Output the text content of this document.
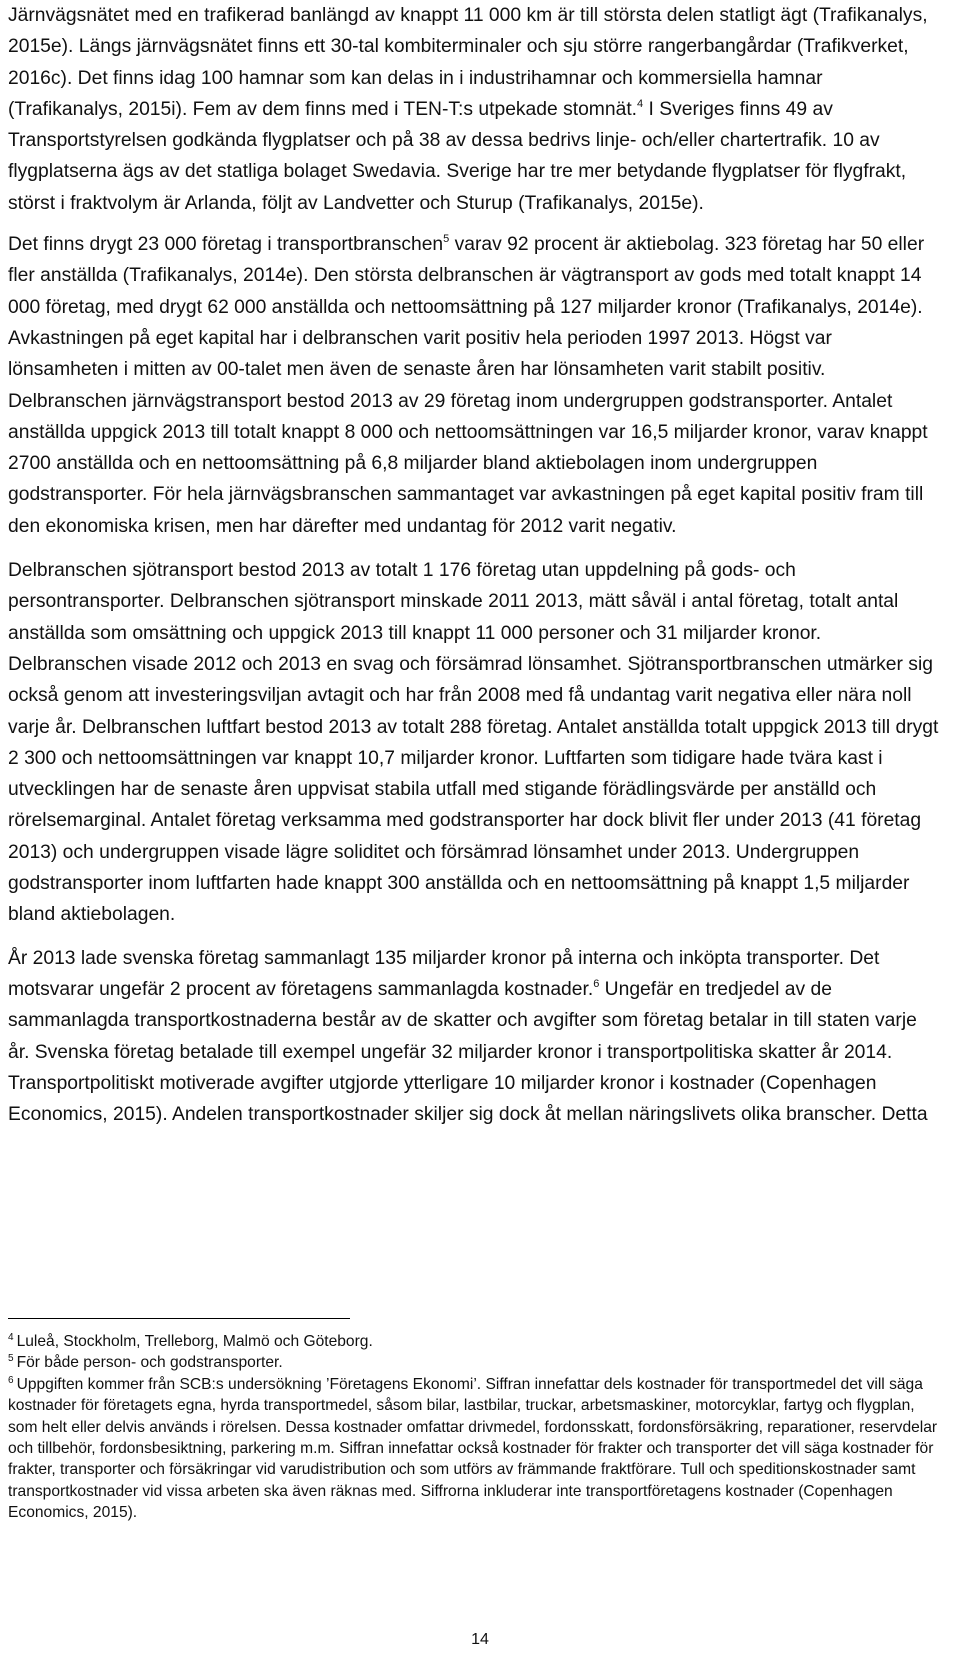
Järnvägsnätet med en trafikerad banlängd av knappt 11 000 km är till största delen statligt ägt (Trafikanalys, 2015e). Längs järnvägsnätet finns ett 30-tal kombiterminaler och sju större rangerbangårdar (Trafikverket, 2016c). Det finns idag 100 hamnar som kan delas in i industrihamnar och kommersiella hamnar (Trafikanalys, 2015i). Fem av dem finns med i TEN-T:s utpekade stomnät.$^4$ I Sveriges finns 49 av Transportstyrelsen godkända flygplatser och på 38 av dessa bedrivs linje- och/eller chartertrafik. 10 av flygplatserna ägs av det statliga bolaget Swedavia. Sverige har tre mer betydande flygplatser för flygfrakt, störst i fraktvolym är Arlanda, följt av Landvetter och Sturup (Trafikanalys, 2015e).

Det finns drygt 23 000 företag i transportbranschen$^5$ varav 92 procent är aktiebolag. 323 företag har 50 eller fler anställda (Trafikanalys, 2014e). Den största delbranschen är vägtransport av gods med totalt knappt 14 000 företag, med drygt 62 000 anställda och nettoomsättning på 127 miljarder kronor (Trafikanalys, 2014e). Avkastningen på eget kapital har i delbranschen varit positiv hela perioden 1997 2013. Högst var lönsamheten i mitten av 00-talet men även de senaste åren har lönsamheten varit stabilt positiv. Delbranschen järnvägstransport bestod 2013 av 29 företag inom undergruppen godstransporter. Antalet anställda uppgick 2013 till totalt knappt 8 000 och nettoomsättningen var 16,5 miljarder kronor, varav knappt 2700 anställda och en nettoomsättning på 6,8 miljarder bland aktiebolagen inom undergruppen godstransporter. För hela järnvägsbranschen sammantaget var avkastningen på eget kapital positiv fram till den ekonomiska krisen, men har därefter med undantag för 2012 varit negativ.

Delbranschen sjötransport bestod 2013 av totalt 1 176 företag utan uppdelning på gods- och persontransporter. Delbranschen sjötransport minskade 2011 2013, mätt såväl i antal företag, totalt antal anställda som omsättning och uppgick 2013 till knappt 11 000 personer och 31 miljarder kronor. Delbranschen visade 2012 och 2013 en svag och försämrad lönsamhet. Sjötransportbranschen utmärker sig också genom att investeringsviljan avtagit och har från 2008 med få undantag varit negativa eller nära noll varje år. Delbranschen luftfart bestod 2013 av totalt 288 företag. Antalet anställda totalt uppgick 2013 till drygt 2 300 och nettoomsättningen var knappt 10,7 miljarder kronor. Luftfarten som tidigare hade tvära kast i utvecklingen har de senaste åren uppvisat stabila utfall med stigande förädlingsvärde per anställd och rörelsemarginal. Antalet företag verksamma med godstransporter har dock blivit fler under 2013 (41 företag 2013) och undergruppen visade lägre soliditet och försämrad lönsamhet under 2013. Undergruppen godstransporter inom luftfarten hade knappt 300 anställda och en nettoomsättning på knappt 1,5 miljarder bland aktiebolagen.

År 2013 lade svenska företag sammanlagt 135 miljarder kronor på interna och inköpta transporter. Det motsvarar ungefär 2 procent av företagens sammanlagda kostnader.$^6$ Ungefär en tredjedel av de sammanlagda transportkostnaderna består av de skatter och avgifter som företag betalar in till staten varje år. Svenska företag betalade till exempel ungefär 32 miljarder kronor i transportpolitiska skatter år 2014. Transportpolitiskt motiverade avgifter utgjorde ytterligare 10 miljarder kronor i kostnader (Copenhagen Economics, 2015). Andelen transportkostnader skiljer sig dock åt mellan näringslivets olika branscher. Detta

$^4$ Luleå, Stockholm, Trelleborg, Malmö och Göteborg.

$^5$ För både person- och godstransporter.

$^6$ Uppgiften kommer från SCB:s undersökning ’Företagens Ekonomi’. Siffran innefattar dels kostnader för transportmedel det vill säga kostnader för företagets egna, hyrda transportmedel, såsom bilar, lastbilar, truckar, arbetsmaskiner, motorcyklar, fartyg och flygplan, som helt eller delvis används i rörelsen. Dessa kostnader omfattar drivmedel, fordonsskatt, fordonsförsäkring, reparationer, reservdelar och tillbehör, fordonsbesiktning, parkering m.m. Siffran innefattar också kostnader för frakter och transporter det vill säga kostnader för frakter, transporter och försäkringar vid varudistribution och som utförs av främmande fraktförare. Tull och speditionskostnader samt transportkostnader vid vissa arbeten ska även räknas med. Siffrorna inkluderar inte transportföretagens kostnader (Copenhagen Economics, 2015).

14
